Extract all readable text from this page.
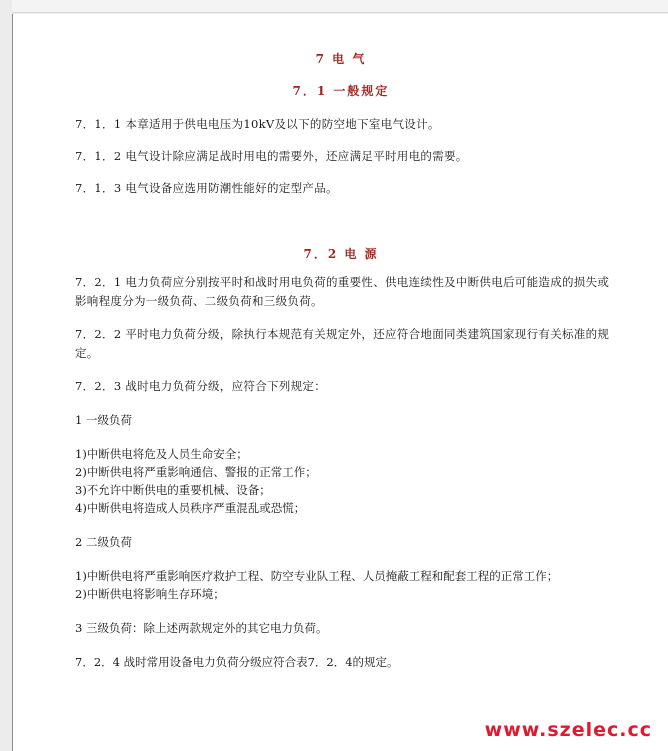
7 电 气
7．1 一般规定
7．1．1 本章适用于供电电压为10kV及以下的防空地下室电气设计。
7．1．2 电气设计除应满足战时用电的需要外，还应满足平时用电的需要。
7．1．3 电气设备应选用防潮性能好的定型产品。
7．2 电 源
7．2．1 电力负荷应分别按平时和战时用电负荷的重要性、供电连续性及中断供电后可能造成的损失或影响程度分为一级负荷、二级负荷和三级负荷。
7．2．2 平时电力负荷分级，除执行本规范有关规定外，还应符合地面同类建筑国家现行有关标准的规定。
7．2．3 战时电力负荷分级，应符合下列规定：
1 一级负荷
1)中断供电将危及人员生命安全；
2)中断供电将严重影响通信、警报的正常工作；
3)不允许中断供电的重要机械、设备；
4)中断供电将造成人员秩序严重混乱或恐慌；
2 二级负荷
1)中断供电将严重影响医疗救护工程、防空专业队工程、人员掩蔽工程和配套工程的正常工作；
2)中断供电将影响生存环境；
3 三级负荷：除上述两款规定外的其它电力负荷。
7．2．4 战时常用设备电力负荷分级应符合表7．2．4的规定。
www.szelec.cc
